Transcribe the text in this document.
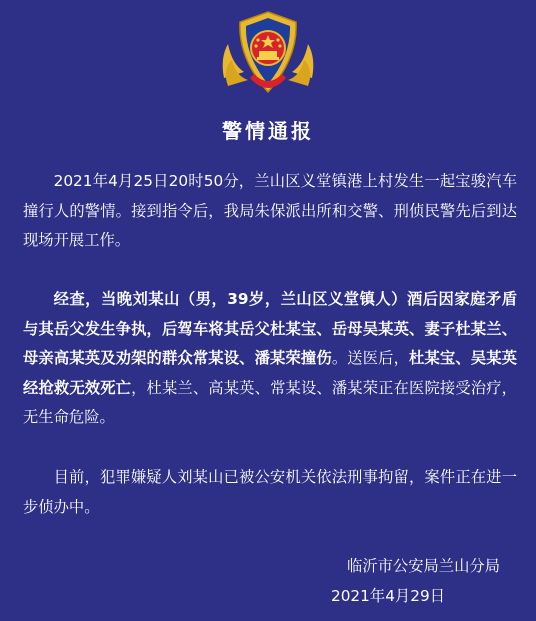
警情通报

2021年4月25日20时50分，兰山区义堂镇港上村发生一起宝骏汽车撞行人的警情。接到指令后，我局朱保派出所和交警、刑侦民警先后到达现场开展工作。

经查，当晚刘某山（男，39岁，兰山区义堂镇人）酒后因家庭矛盾与其岳父发生争执，后驾车将其岳父杜某宝、岳母吴某英、妻子杜某兰、母亲高某英及劝架的群众常某设、潘某荣撞伤。送医后，杜某宝、吴某英经抢救无效死亡，杜某兰、高某英、常某设、潘某荣正在医院接受治疗，无生命危险。

目前，犯罪嫌疑人刘某山已被公安机关依法刑事拘留，案件正在进一步侦办中。

临沂市公安局兰山分局
2021年4月29日
